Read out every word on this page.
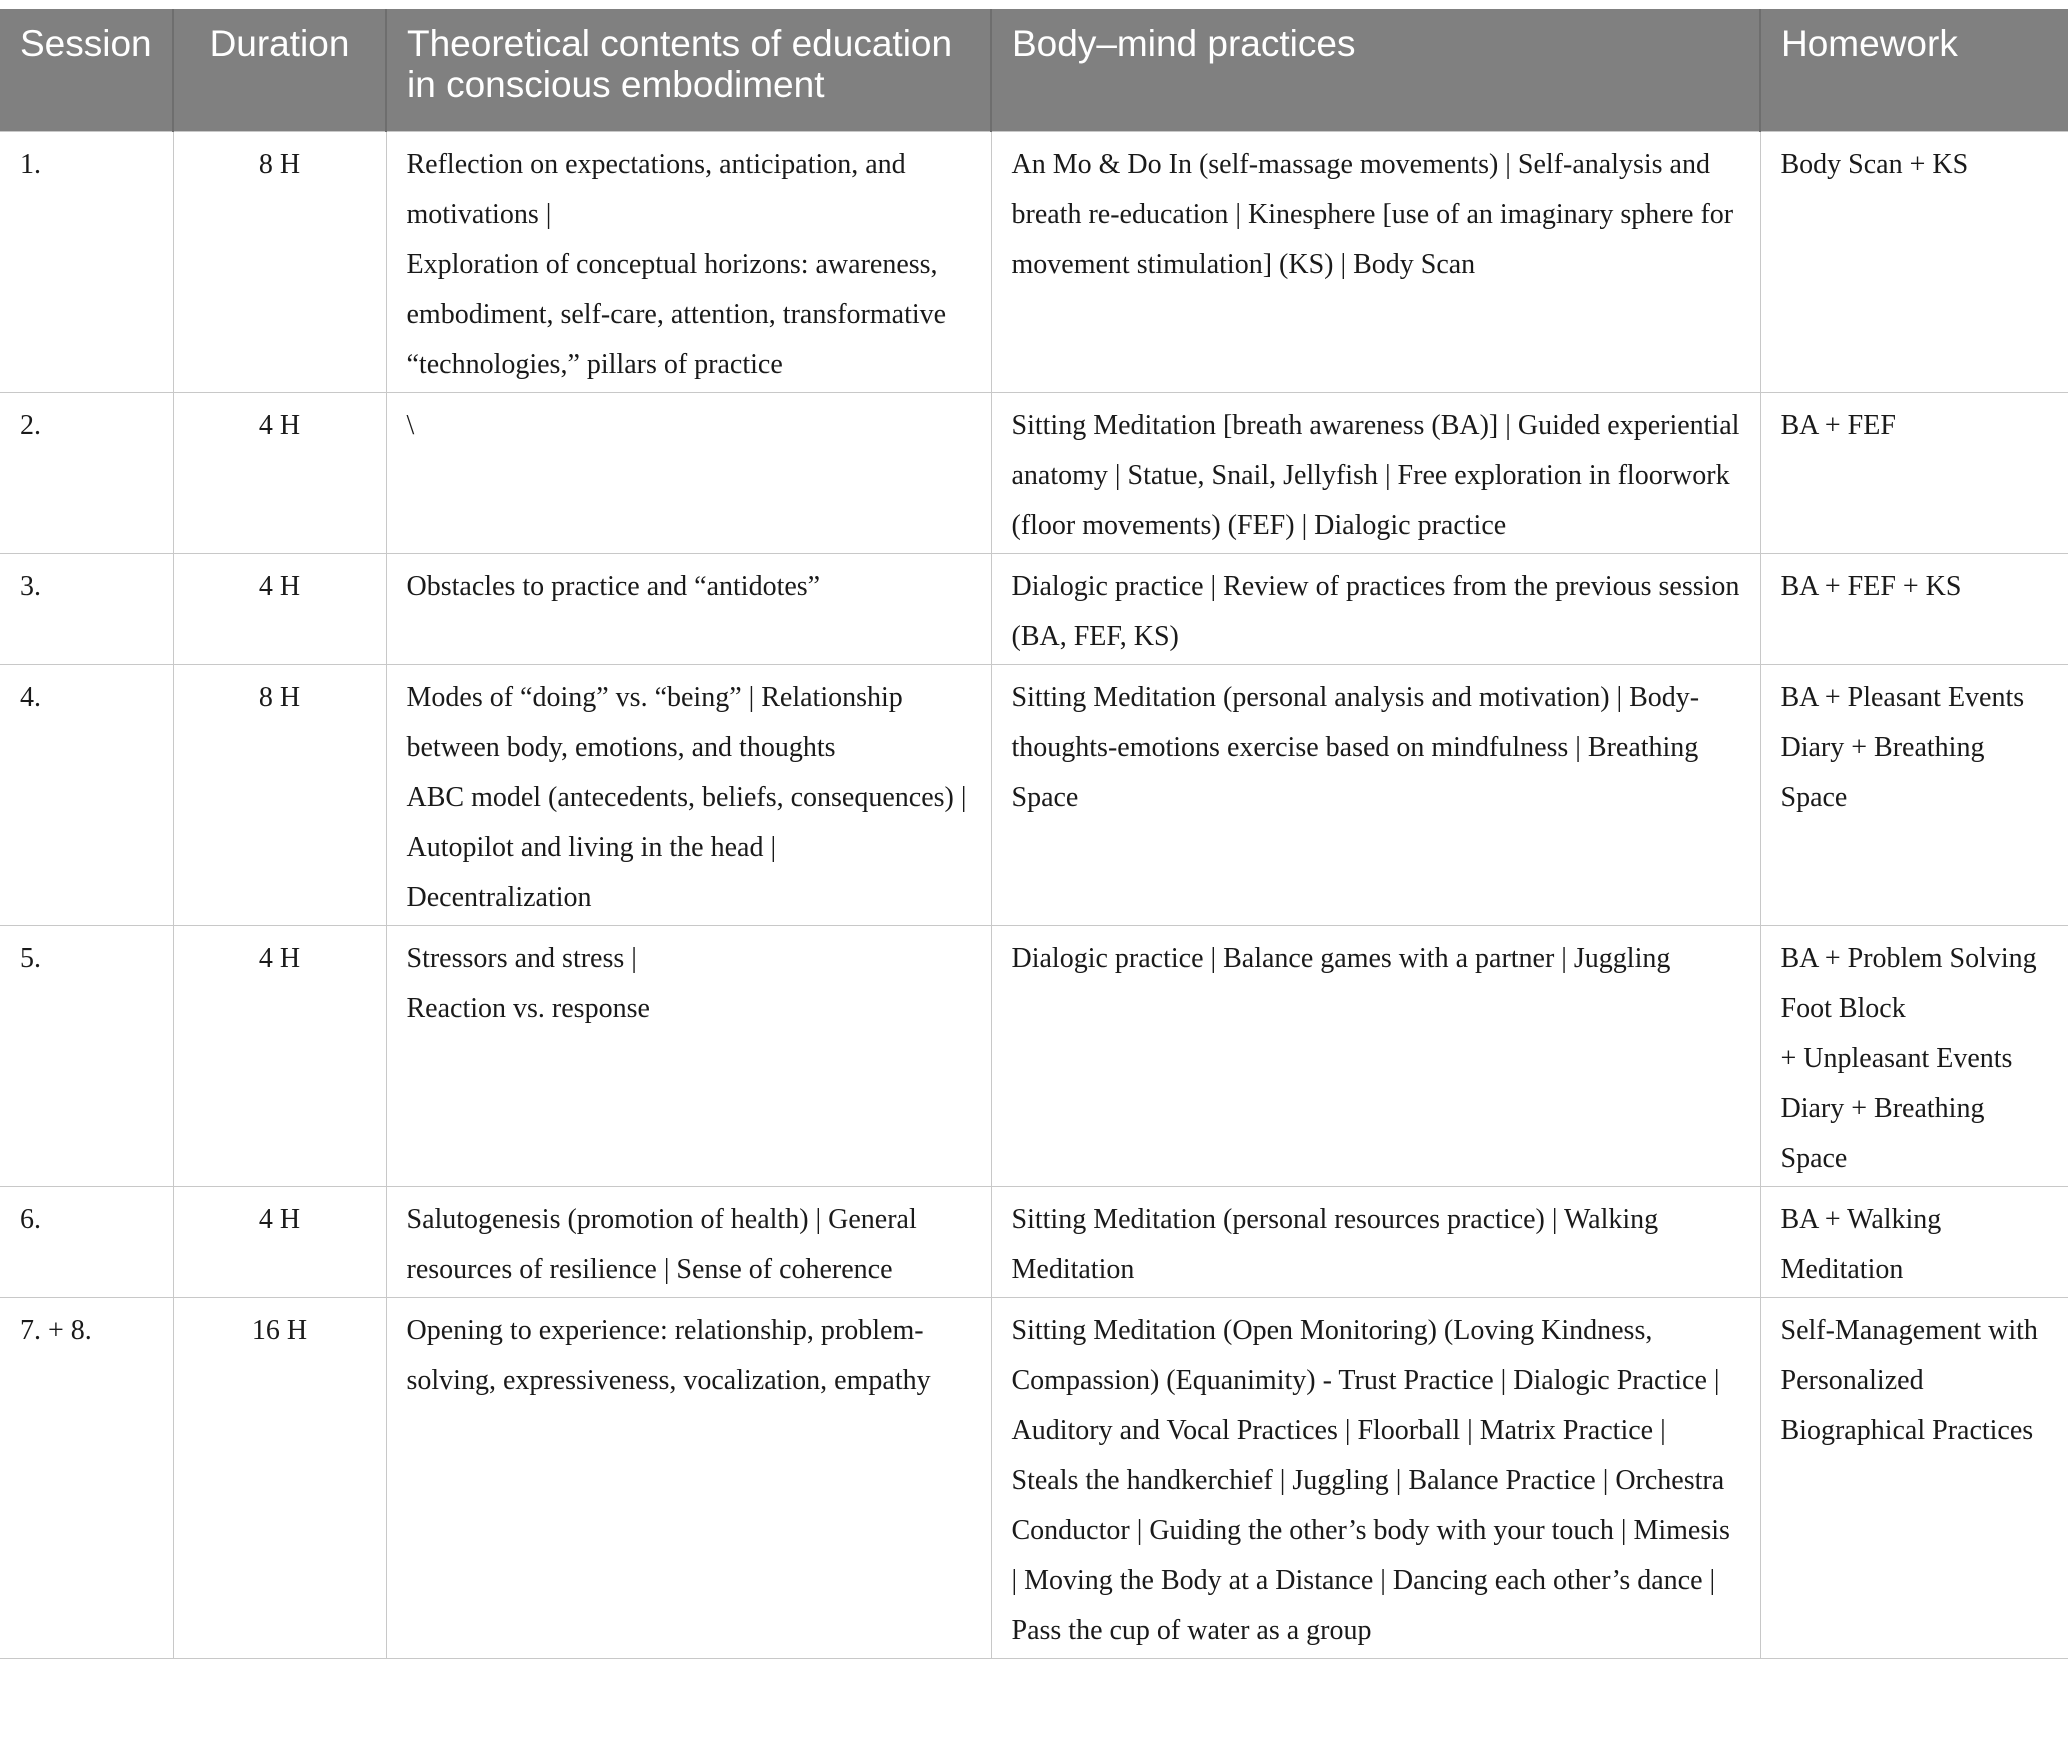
Session	Duration	Theoretical contents of education in conscious embodiment	Body–mind practices	Homework
1.	8 H	Reflection on expectations, anticipation, and motivations |
Exploration of conceptual horizons: awareness, embodiment, self-care, attention, transformative “technologies,” pillars of practice	An Mo & Do In (self-massage movements) | Self-analysis and breath re-education | Kinesphere [use of an imaginary sphere for movement stimulation] (KS) | Body Scan	Body Scan + KS
2.	4 H	\	Sitting Meditation [breath awareness (BA)] | Guided experiential anatomy | Statue, Snail, Jellyfish | Free exploration in floorwork (floor movements) (FEF) | Dialogic practice	BA + FEF
3.	4 H	Obstacles to practice and “antidotes”	Dialogic practice | Review of practices from the previous session (BA, FEF, KS)	BA + FEF + KS
4.	8 H	Modes of “doing” vs. “being” | Relationship between body, emotions, and thoughts
ABC model (antecedents, beliefs, consequences) |
Autopilot and living in the head |
Decentralization	Sitting Meditation (personal analysis and motivation) | Body-thoughts-emotions exercise based on mindfulness | Breathing Space	BA + Pleasant Events Diary + Breathing Space
5.	4 H	Stressors and stress |
Reaction vs. response	Dialogic practice | Balance games with a partner | Juggling	BA + Problem Solving Foot Block
+ Unpleasant Events Diary + Breathing Space
6.	4 H	Salutogenesis (promotion of health) | General resources of resilience | Sense of coherence	Sitting Meditation (personal resources practice) | Walking Meditation	BA + Walking Meditation
7. + 8.	16 H	Opening to experience: relationship, problem-solving, expressiveness, vocalization, empathy	Sitting Meditation (Open Monitoring) (Loving Kindness, Compassion) (Equanimity) - Trust Practice | Dialogic Practice | Auditory and Vocal Practices | Floorball | Matrix Practice | Steals the handkerchief | Juggling | Balance Practice | Orchestra Conductor | Guiding the other’s body with your touch | Mimesis | Moving the Body at a Distance | Dancing each other’s dance | Pass the cup of water as a group	Self-Management with Personalized Biographical Practices
